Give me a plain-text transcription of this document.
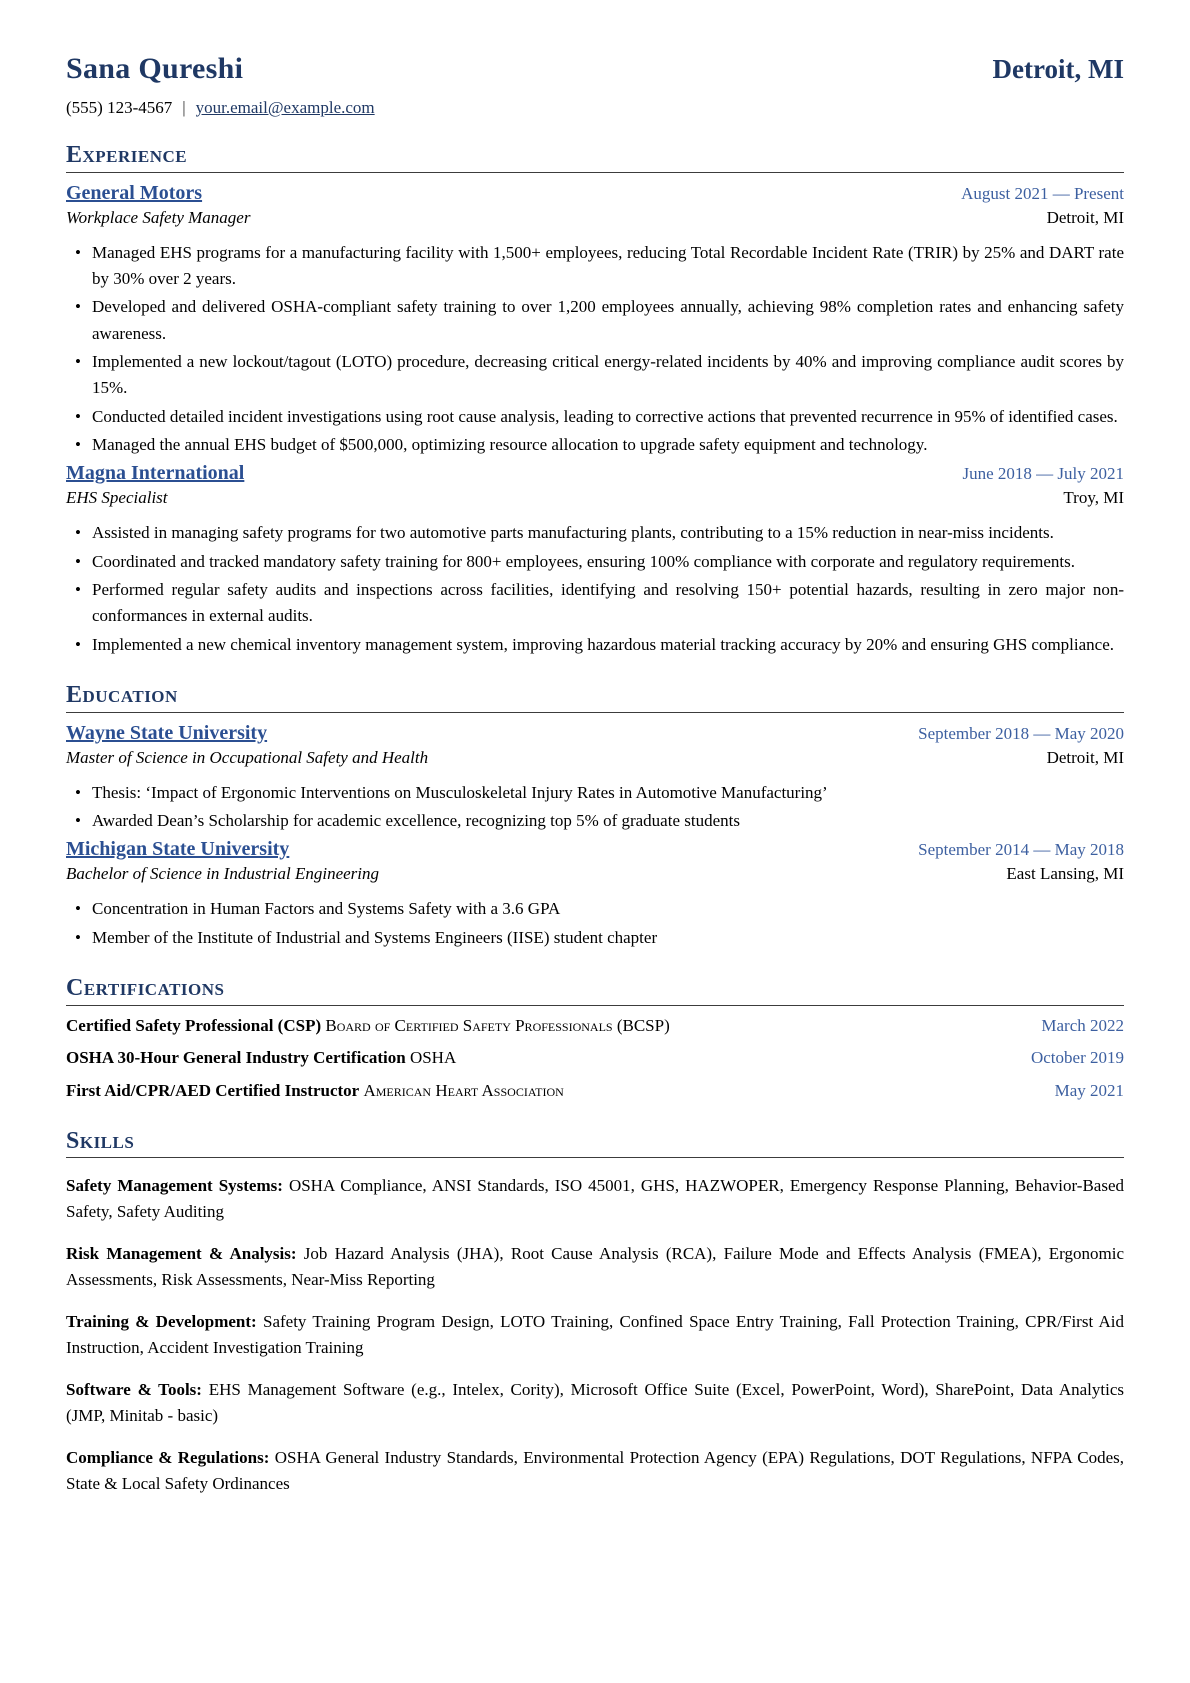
Sana Qureshi	Detroit, MI
(555) 123-4567 | your.email@example.com
Experience
General Motors	August 2021 — Present
Workplace Safety Manager	Detroit, MI
• Managed EHS programs for a manufacturing facility with 1,500+ employees, reducing Total Recordable Incident Rate (TRIR) by 25% and DART rate by 30% over 2 years.
• Developed and delivered OSHA-compliant safety training to over 1,200 employees annually, achieving 98% completion rates and enhancing safety awareness.
• Implemented a new lockout/tagout (LOTO) procedure, decreasing critical energy-related incidents by 40% and improving compliance audit scores by 15%.
• Conducted detailed incident investigations using root cause analysis, leading to corrective actions that prevented recurrence in 95% of identified cases.
• Managed the annual EHS budget of $500,000, optimizing resource allocation to upgrade safety equipment and technology.
Magna International	June 2018 — July 2021
EHS Specialist	Troy, MI
• Assisted in managing safety programs for two automotive parts manufacturing plants, contributing to a 15% reduction in near-miss incidents.
• Coordinated and tracked mandatory safety training for 800+ employees, ensuring 100% compliance with corporate and regulatory requirements.
• Performed regular safety audits and inspections across facilities, identifying and resolving 150+ potential hazards, resulting in zero major non-conformances in external audits.
• Implemented a new chemical inventory management system, improving hazardous material tracking accuracy by 20% and ensuring GHS compliance.
Education
Wayne State University	September 2018 — May 2020
Master of Science in Occupational Safety and Health	Detroit, MI
• Thesis: ‘Impact of Ergonomic Interventions on Musculoskeletal Injury Rates in Automotive Manufacturing’
• Awarded Dean’s Scholarship for academic excellence, recognizing top 5% of graduate students
Michigan State University	September 2014 — May 2018
Bachelor of Science in Industrial Engineering	East Lansing, MI
• Concentration in Human Factors and Systems Safety with a 3.6 GPA
• Member of the Institute of Industrial and Systems Engineers (IISE) student chapter
Certifications
Certified Safety Professional (CSP) Board of Certified Safety Professionals (BCSP)	March 2022
OSHA 30-Hour General Industry Certification OSHA	October 2019
First Aid/CPR/AED Certified Instructor American Heart Association	May 2021
Skills

Safety Management Systems: OSHA Compliance, ANSI Standards, ISO 45001, GHS, HAZWOPER, Emergency Response Planning, Behavior-Based Safety, Safety Auditing

Risk Management & Analysis: Job Hazard Analysis (JHA), Root Cause Analysis (RCA), Failure Mode and Effects Analysis (FMEA), Ergonomic Assessments, Risk Assessments, Near-Miss Reporting

Training & Development: Safety Training Program Design, LOTO Training, Confined Space Entry Training, Fall Protection Training, CPR/First Aid Instruction, Accident Investigation Training

Software & Tools: EHS Management Software (e.g., Intelex, Cority), Microsoft Office Suite (Excel, PowerPoint, Word), SharePoint, Data Analytics (JMP, Minitab - basic)

Compliance & Regulations: OSHA General Industry Standards, Environmental Protection Agency (EPA) Regulations, DOT Regulations, NFPA Codes, State & Local Safety Ordinances
